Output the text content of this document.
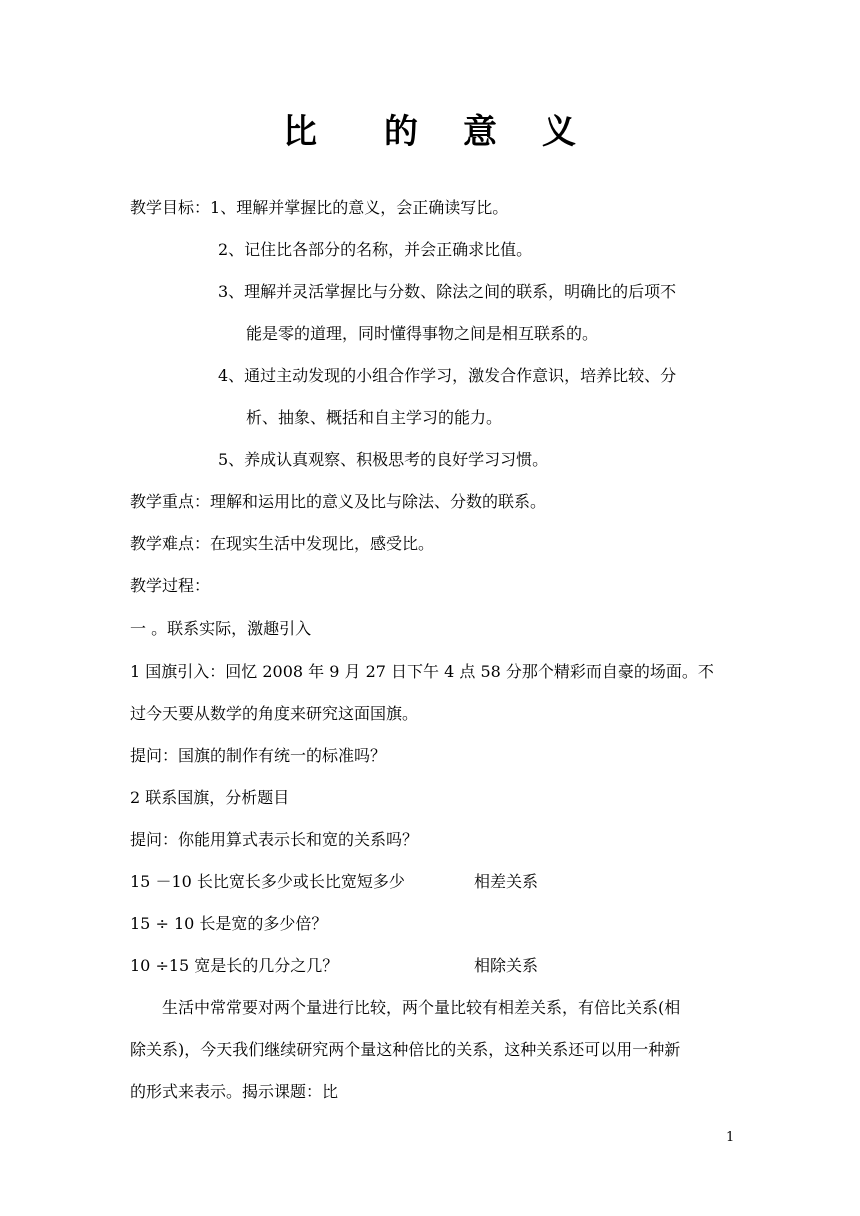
比 的 意 义
教学目标：1、理解并掌握比的意义，会正确读写比。
2、记住比各部分的名称，并会正确求比值。
3、理解并灵活掌握比与分数、除法之间的联系，明确比的后项不
能是零的道理，同时懂得事物之间是相互联系的。
4、通过主动发现的小组合作学习，激发合作意识，培养比较、分
析、抽象、概括和自主学习的能力。
5、养成认真观察、积极思考的良好学习习惯。
教学重点：理解和运用比的意义及比与除法、分数的联系。
教学难点：在现实生活中发现比，感受比。
教学过程：
一 。联系实际，激趣引入
1 国旗引入：回忆 2008 年 9 月 27 日下午 4 点 58 分那个精彩而自豪的场面。不
过今天要从数学的角度来研究这面国旗。
提问：国旗的制作有统一的标准吗？
2 联系国旗，分析题目
提问：你能用算式表示长和宽的关系吗？
15 －10 长比宽长多少或长比宽短多少	相差关系
15 ÷ 10 长是宽的多少倍？
10 ÷15 宽是长的几分之几？	相除关系
生活中常常要对两个量进行比较，两个量比较有相差关系，有倍比关系(相
除关系)，今天我们继续研究两个量这种倍比的关系，这种关系还可以用一种新
的形式来表示。揭示课题：比
1
